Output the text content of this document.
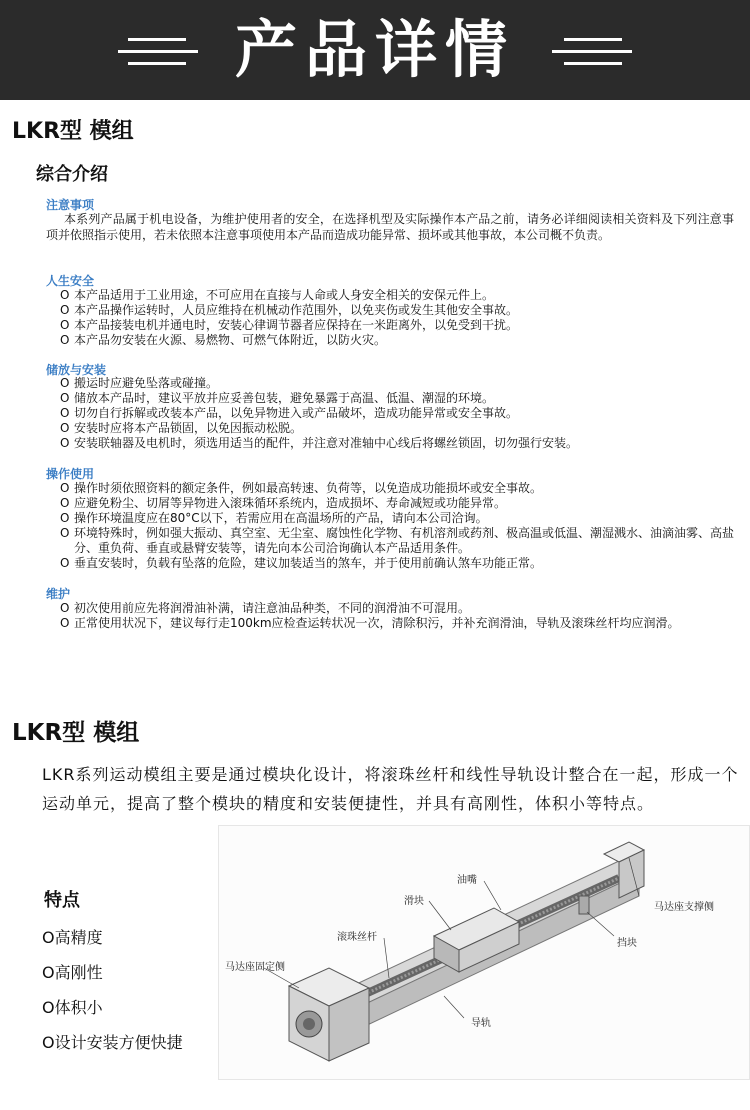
产品详情
LKR型 模组
综合介绍
注意事项
本系列产品属于机电设备，为维护使用者的安全，在选择机型及实际操作本产品之前，请务必详细阅读相关资料及下列注意事项并依照指示使用，若未依照本注意事项使用本产品而造成功能异常、损坏或其他事故，本公司概不负责。
人生安全
O 本产品适用于工业用途，不可应用在直接与人命或人身安全相关的安保元件上。
O 本产品操作运转时，人员应维持在机械动作范围外，以免夹伤或发生其他安全事故。
O 本产品接装电机并通电时，安装心律调节器者应保持在一米距离外，以免受到干扰。
O 本产品勿安装在火源、易燃物、可燃气体附近，以防火灾。
储放与安装
O 搬运时应避免坠落或碰撞。
O 储放本产品时，建议平放并应妥善包装，避免暴露于高温、低温、潮湿的环境。
O 切勿自行拆解或改装本产品，以免异物进入或产品破坏，造成功能异常或安全事故。
O 安装时应将本产品锁固，以免因振动松脱。
O 安装联轴器及电机时，须选用适当的配件，并注意对准轴中心线后将螺丝锁固，切勿强行安装。
操作使用
O 操作时须依照资料的额定条件，例如最高转速、负荷等，以免造成功能损坏或安全事故。
O 应避免粉尘、切屑等异物进入滚珠循环系统内，造成损坏、寿命减短或功能异常。
O 操作环境温度应在80°C以下，若需应用在高温场所的产品，请向本公司洽询。
O 环境特殊时，例如强大振动、真空室、无尘室、腐蚀性化学物、有机溶剂或药剂、极高温或低温、潮湿溅水、油滴油雾、高盐分、重负荷、垂直或悬臂安装等，请先向本公司洽询确认本产品适用条件。
O 垂直安装时，负载有坠落的危险，建议加装适当的煞车，并于使用前确认煞车功能正常。
维护
O 初次使用前应先将润滑油补满，请注意油品种类，不同的润滑油不可混用。
O 正常使用状况下，建议每行走100km应检查运转状况一次，清除积污，并补充润滑油，导轨及滚珠丝杆均应润滑。
LKR型 模组
LKR系列运动模组主要是通过模块化设计，将滚珠丝杆和线性导轨设计整合在一起，形成一个运动单元，提高了整个模块的精度和安装便捷性，并具有高刚性，体积小等特点。
特点
O高精度
O高刚性
O体积小
O设计安装方便快捷
油嘴
滑块
马达座支撑侧
滚珠丝杆
挡块
马达座固定侧
导轨
